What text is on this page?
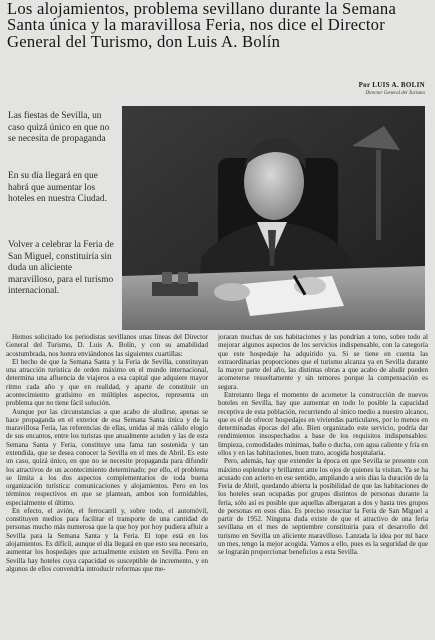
Los alojamientos, problema sevillano durante la Semana Santa única y la maravillosa Feria, nos dice el Director General del Turismo, don Luis A. Bolín
Por LUIS A. BOLIN
Director General del Turismo

Las fiestas de Sevilla, un caso quizá único en que no se necesita de propaganda

En su día llegará en que habrá que aumentar los hoteles en nuestra Ciudad.

Volver a celebrar la Feria de San Miguel, constituiría sin duda un aliciente maravilloso, para el turismo internacional.

Hemos solicitado los periodistas sevillanos unas líneas del Director General del Turismo, D. Luis A. Bolín, y con su amabilidad acostumbrada, nos honra enviándonos las siguientes cuartillas:

El hecho de que la Semana Santa y la Feria de Sevilla, constituyan una atracción turística de orden máximo en el mundo internacional, determina una afluencia de viajeros a esa capital que adquiere mayor ritmo cada año y que en realidad, y aparte de constituir un acontecimiento gratísimo en múltiples aspectos, representa un problema que no tiene fácil solución.

Aunque por las circunstancias a que acabo de aludirse, apenas se hace propaganda en el exterior de esa Semana Santa única y de la maravillosa Feria, las referencias de ellas, unidas al más cálido elogio de sus encantos, entre los turistas que anualmente acuden y las de esta Semana Santa y Feria, constituye una fama tan sostenida y tan extendida, que se desea conocer la Sevilla en el mes de Abril. Es este un caso, quizá único, en que no se necesite propaganda para difundir los atractivos de un acontecimiento determinado; por ello, el problema se limita a los dos aspectos complementarios de toda buena organización turística: comunicaciones y alojamientos. Pero en los términos respectivos en que se plantean, ambos son formidables, especialmente el último.

En efecto, el avión, el ferrocarril y, sobre todo, el automóvil, constituyen medios para facilitar el transporte de una cantidad de personas mucho más numerosa que la que hoy por hoy pudiera afluir a Sevilla para la Semana Santa y la Feria. El tope está en los alojamientos. Es difícil, aunque el día llegará en que esto sea necesario, aumentar los hospedajes que actualmente existen en Sevilla. Pero en Sevilla hay hoteles cuya capacidad es susceptible de incremento, y en algunos de ellos convendría introducir reformas que me-

joraran muchas de sus habitaciones y las pondrían a tono, sobre todo al mejorar algunos aspectos de los servicios indispensable, con la categoría que este hospedaje ha adquirido ya. Si se tiene en cuenta las extraordinarias proporciones que el turismo alcanza ya en Sevilla durante la mayor parte del año, las distintas obras a que acabo de aludir pueden acometerse resueltamente y sin temores porque la compensación es segura.

Entretanto llega el momento de acometer la construcción de nuevos hoteles en Sevilla, hay que aumentar en todo lo posible la capacidad receptiva de esta población, recurriendo al único medio a nuestro alcance, que es el de ofrecer hospedajes en viviendas particulares, por lo menos en determinadas épocas del año. Bien organizado este servicio, podría dar rendimientos insospechados a base de los requisitos indispensables: limpieza, comodidades mínimas, baño o ducha, con agua caliente y fría en ellos y en las habitaciones, buen trato, acogida hospitalaria.

Pero, además, hay que extender la época en que Sevilla se presente con máximo esplendor y brillantez ante los ojos de quienes la visitan. Ya se ha acusado con acierto en ese sentido, ampliando a seis días la duración de la Feria de Abril, quedando abierta la posibilidad de que las habitaciones de los hoteles sean ocupadas por grupos distintos de personas durante la feria, sólo así es posible que aquellas albergaran a dos y hasta tres grupos de personas en esos días. Es preciso resucitar la Feria de San Miguel a partir de 1952. Ninguna duda existe de que el atractivo de una feria sevillana en el mes de septiembre constituiría para el desarrollo del turismo en Sevilla un aliciente maravilloso. Lanzada la idea por mí hace un mes, tengo la mejor acogida. Vamos a ello, pues es la seguridad de que se lograrán proporcionar beneficios a esta Sevilla.
